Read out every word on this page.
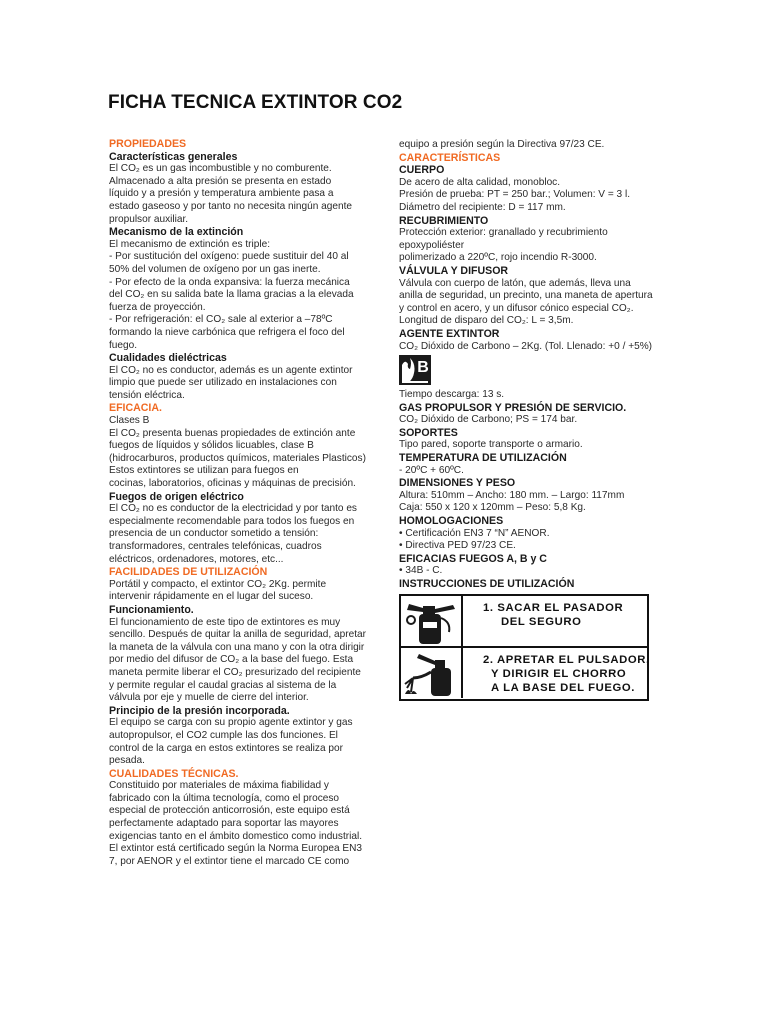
FICHA TECNICA EXTINTOR CO2
PROPIEDADES
Características generales
El CO₂ es un gas incombustible y no comburente.
Almacenado a alta presión se presenta en estado
líquido y a presión y temperatura ambiente pasa a
estado gaseoso y por tanto no necesita ningún agente
propulsor auxiliar.
Mecanismo de la extinción
El mecanismo de extinción es triple:
- Por sustitución del oxígeno: puede sustituir del 40 al
50% del volumen de oxígeno por un gas inerte.
- Por efecto de la onda expansiva: la fuerza mecánica
del CO₂ en su salida bate la llama gracias a la elevada
fuerza de proyección.
- Por refrigeración: el CO₂ sale al exterior a –78ºC
formando la nieve carbónica que refrigera el foco del
fuego.
Cualidades dieléctricas
El CO₂ no es conductor, además es un agente extintor
limpio que puede ser utilizado en instalaciones con
tensión eléctrica.
EFICACIA.
Clases B
El CO₂ presenta buenas propiedades de extinción ante
fuegos de líquidos y sólidos licuables, clase B
(hidrocarburos, productos químicos, materiales Plasticos)
Estos extintores se utilizan para fuegos en
cocinas, laboratorios, oficinas y máquinas de precisión.
Fuegos de origen eléctrico
El CO₂ no es conductor de la electricidad y por tanto es
especialmente recomendable para todos los fuegos en
presencia de un conductor sometido a tensión:
transformadores, centrales telefónicas, cuadros
eléctricos, ordenadores, motores, etc...
FACILIDADES DE UTILIZACIÓN
Portátil y compacto, el extintor CO₂ 2Kg. permite
intervenir rápidamente en el lugar del suceso.
Funcionamiento.
El funcionamiento de este tipo de extintores es muy
sencillo. Después de quitar la anilla de seguridad, apretar
la maneta de la válvula con una mano y con la otra dirigir
por medio del difusor de CO₂ a la base del fuego. Esta
maneta permite liberar el CO₂ presurizado del recipiente
y permite regular el caudal gracias al sistema de la
válvula por eje y muelle de cierre del interior.
Principio de la presión incorporada.
El equipo se carga con su propio agente extintor y gas
autopropulsor, el CO2 cumple las dos funciones. El
control de la carga en estos extintores se realiza por
pesada.
CUALIDADES TÉCNICAS.
Constituido por materiales de máxima fiabilidad y
fabricado con la última tecnología, como el proceso
especial de protección anticorrosión, este equipo está
perfectamente adaptado para soportar las mayores
exigencias tanto en el ámbito domestico como industrial.
El extintor está certificado según la Norma Europea EN3
7, por AENOR y el extintor tiene el marcado CE como
equipo a presión según la Directiva 97/23 CE.
CARACTERÍSTICAS
CUERPO
De acero de alta calidad, monobloc.
Presión de prueba: PT = 250 bar.; Volumen: V = 3 l.
Diámetro del recipiente: D = 117 mm.
RECUBRIMIENTO
Protección exterior: granallado y recubrimiento
epoxypoliéster
polimerizado a 220ºC, rojo incendio R-3000.
VÁLVULA Y DIFUSOR
Válvula con cuerpo de latón, que además, lleva una
anilla de seguridad, un precinto, una maneta de apertura
y control en acero, y un difusor cónico especial CO₂.
Longitud de disparo del CO₂: L = 3,5m.
AGENTE EXTINTOR
CO₂ Dióxido de Carbono – 2Kg. (Tol. Llenado: +0 / +5%)
B
Tiempo descarga: 13 s.
GAS PROPULSOR Y PRESIÓN DE SERVICIO.
CO₂ Dióxido de Carbono; PS = 174 bar.
SOPORTES
Tipo pared, soporte transporte o armario.
TEMPERATURA DE UTILIZACIÓN
- 20ºC + 60ºC.
DIMENSIONES Y PESO
Altura: 510mm – Ancho: 180 mm. – Largo: 117mm
Caja: 550 x 120 x 120mm – Peso: 5,8 Kg.
HOMOLOGACIONES
• Certificación EN3 7 “N” AENOR.
• Directiva PED 97/23 CE.
EFICACIAS FUEGOS A, B y C
• 34B - C.
INSTRUCCIONES DE UTILIZACIÓN
1. SACAR EL PASADOR
DEL SEGURO
2. APRETAR EL PULSADOR,
Y DIRIGIR EL CHORRO
A LA BASE DEL FUEGO.
